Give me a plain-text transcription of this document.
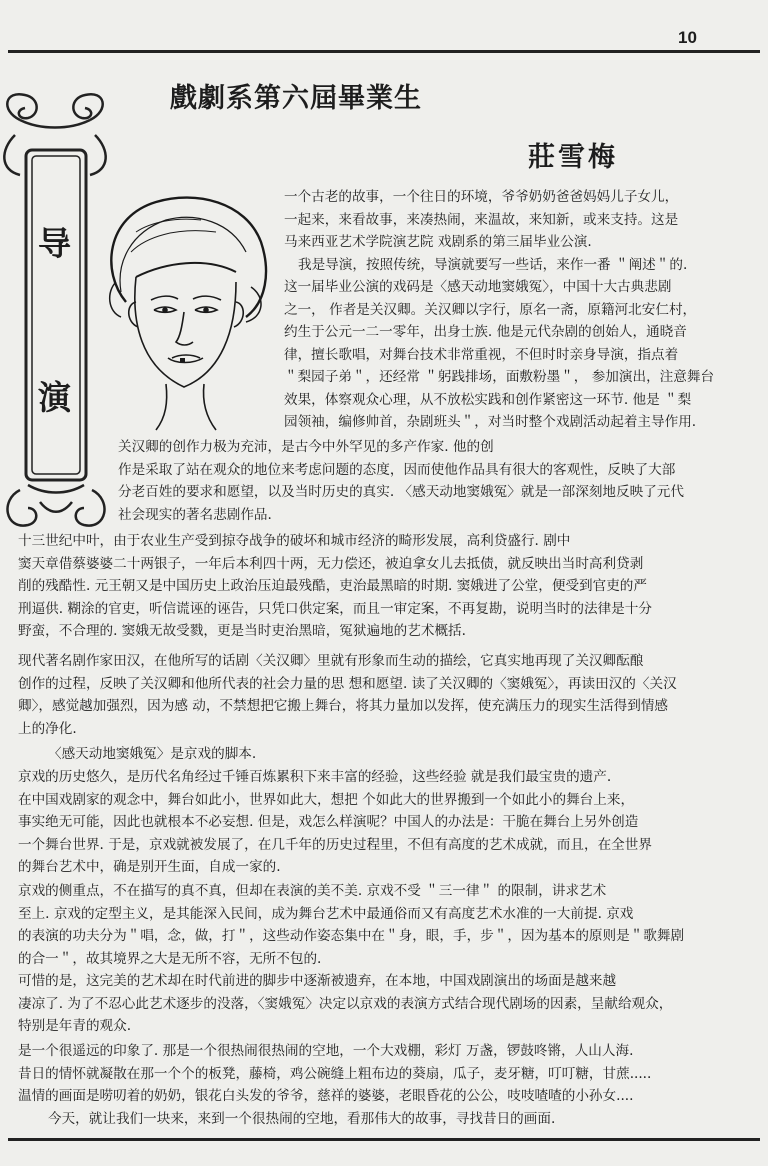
10
戲劇系第六屆畢業生
莊雪梅
导
演

一个古老的故事，一个往日的环境，爷爷奶奶爸爸妈妈儿子女儿，
一起来，来看故事，来凑热闹，来温故，来知新，或来支持。这是
马来西亚艺术学院演艺院 戏剧系的第三届毕业公演.

我是导演，按照传统，导演就要写一些话，来作一番 ＂阐述＂的.

这一届毕业公演的戏码是〈感天动地窦娥冤〉，中国十大古典悲剧
之一， 作者是关汉卿。关汉卿以字行，原名一斋，原籍河北安仁村，
约生于公元一二一零年，出身士族. 他是元代杂剧的创始人，通晓音
律，擅长歌唱，对舞台技术非常重视，不但时时亲身导演，指点着
＂梨园子弟＂，还经常 ＂躬践排场，面敷粉墨＂， 参加演出，注意舞台
效果，体察观众心理，从不放松实践和创作紧密这一环节. 他是 ＂梨
园领袖，编修帅首，杂剧班头＂，对当时整个戏剧活动起着主导作用.

关汉卿的创作力极为充沛，是古今中外罕见的多产作家. 他的创
作是采取了站在观众的地位来考虑问题的态度，因而使他作品具有很大的客观性，反映了大部
分老百姓的要求和愿望，以及当时历史的真实. 〈感天动地窦娥冤〉就是一部深刻地反映了元代
社会现实的著名悲剧作品.

十三世纪中叶，由于农业生产受到掠夺战争的破坏和城市经济的畸形发展，高利贷盛行. 剧中
窦天章借蔡婆婆二十两银子，一年后本利四十两，无力偿还，被迫拿女儿去抵债，就反映出当时高利贷剥
削的残酷性. 元王朝又是中国历史上政治压迫最残酷，吏治最黑暗的时期. 窦娥进了公堂，便受到官吏的严
刑逼供. 糊涂的官吏，听信谎诬的诬告，只凭口供定案，而且一审定案，不再复勘，说明当时的法律是十分
野蛮，不合理的. 窦娥无故受戮，更是当时吏治黑暗，冤狱遍地的艺术概括.

现代著名剧作家田汉，在他所写的话剧〈关汉卿〉里就有形象而生动的描绘，它真实地再现了关汉卿酝酿
创作的过程，反映了关汉卿和他所代表的社会力量的思 想和愿望. 读了关汉卿的〈窦娥冤〉，再读田汉的〈关汉
卿〉，感觉越加强烈，因为感 动，不禁想把它搬上舞台，将其力量加以发挥，使充满压力的现实生活得到情感
上的净化.

〈感天动地窦娥冤〉是京戏的脚本.

京戏的历史悠久，是历代名角经过千锤百炼累积下来丰富的经验，这些经验 就是我们最宝贵的遗产.
在中国戏剧家的观念中，舞台如此小，世界如此大，想把 个如此大的世界搬到一个如此小的舞台上来，
事实绝无可能，因此也就根本不必妄想. 但是，戏怎么样演呢？中国人的办法是：干脆在舞台上另外创造
一个舞台世界. 于是，京戏就被发展了，在几千年的历史过程里，不但有高度的艺术成就，而且，在全世界
的舞台艺术中，确是别开生面，自成一家的.

京戏的侧重点，不在描写的真不真，但却在表演的美不美. 京戏不受 ＂三一律＂ 的限制，讲求艺术
至上. 京戏的定型主义，是其能深入民间，成为舞台艺术中最通俗而又有高度艺术水准的一大前提. 京戏
的表演的功夫分为＂唱，念，做，打＂，这些动作姿态集中在＂身，眼，手，步＂，因为基本的原则是＂歌舞剧
的合一＂，故其境界之大是无所不容，无所不包的.

可惜的是，这完美的艺术却在时代前进的脚步中逐渐被遗弃，在本地，中国戏剧演出的场面是越来越
凄凉了. 为了不忍心此艺术逐步的没落，〈窦娥冤〉决定以京戏的表演方式结合现代剧场的因素，呈献给观众，
特别是年青的观众.

是一个很遥远的印象了. 那是一个很热闹很热闹的空地，一个大戏棚，彩灯 万盏，锣鼓咚锵，人山人海.
昔日的情怀就凝散在那一个个的板凳，藤椅，鸡公碗缝上粗布边的葵扇，瓜子，麦牙糖，叮叮糖，甘蔗.....
温情的画面是唠叨着的奶奶，银花白头发的爷爷，慈祥的婆婆，老眼昏花的公公，吱吱喳喳的小孙女....

今天，就让我们一块来，来到一个很热闹的空地，看那伟大的故事，寻找昔日的画面.
